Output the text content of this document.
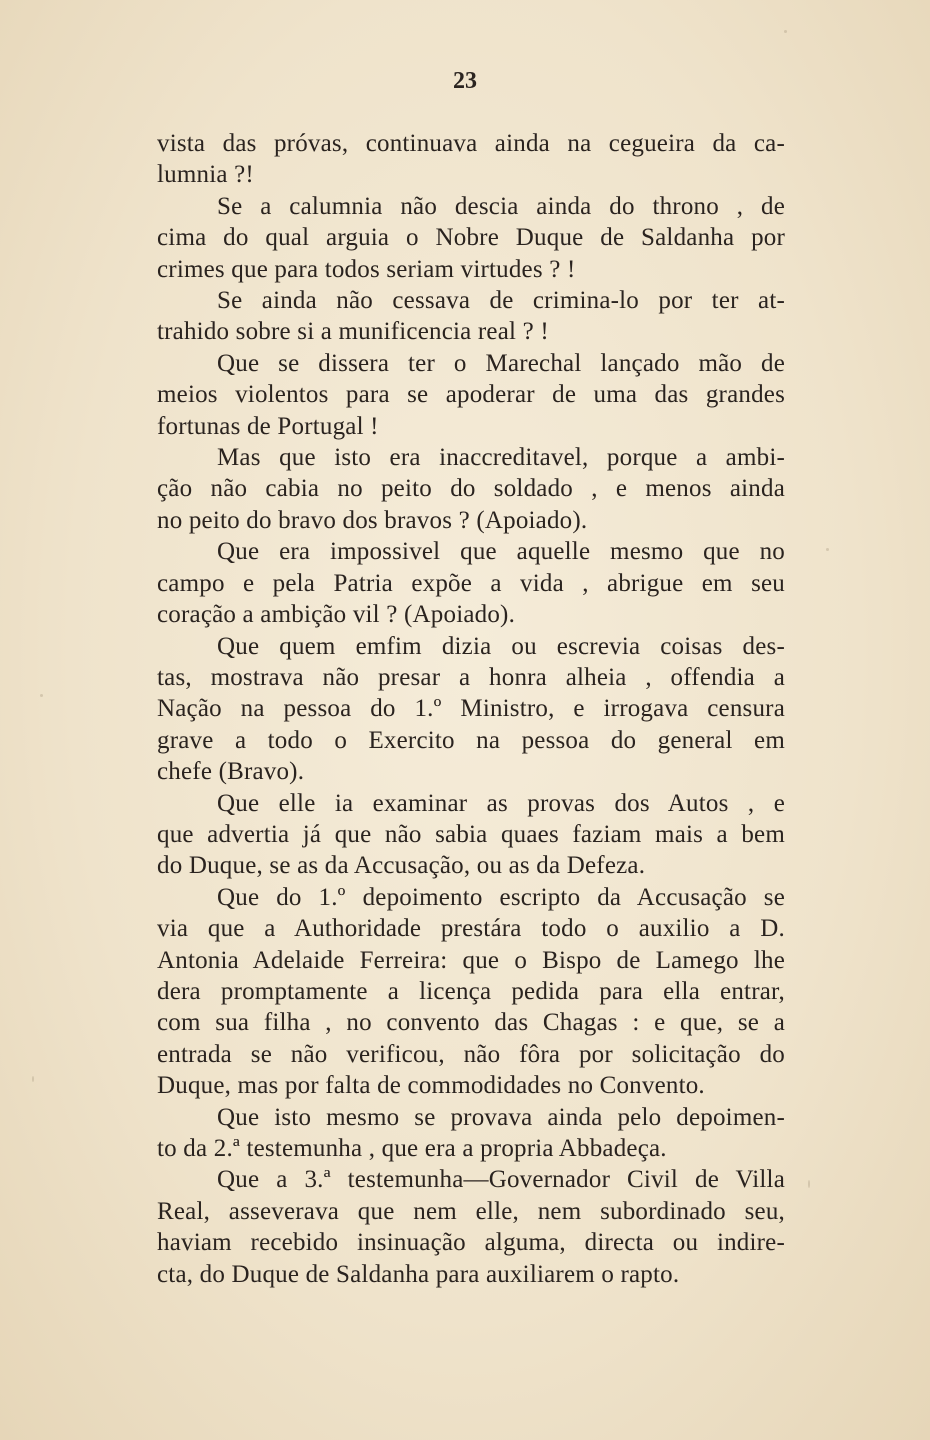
23
vista das próvas, continuava ainda na cegueira da ca-
lumnia ?!
Se a calumnia não descia ainda do throno , de
cima do qual arguia o Nobre Duque de Saldanha por
crimes que para todos seriam virtudes ? !
Se ainda não cessava de crimina-lo por ter at-
trahido sobre si a munificencia real ? !
Que se dissera ter o Marechal lançado mão de
meios violentos para se apoderar de uma das grandes
fortunas de Portugal !
Mas que isto era inaccreditavel, porque a ambi-
ção não cabia no peito do soldado , e menos ainda
no peito do bravo dos bravos ? (Apoiado).
Que era impossivel que aquelle mesmo que no
campo e pela Patria expõe a vida , abrigue em seu
coração a ambição vil ? (Apoiado).
Que quem emfim dizia ou escrevia coisas des-
tas, mostrava não presar a honra alheia , offendia a
Nação na pessoa do 1.º Ministro, e irrogava censura
grave a todo o Exercito na pessoa do general em
chefe (Bravo).
Que elle ia examinar as provas dos Autos , e
que advertia já que não sabia quaes faziam mais a bem
do Duque, se as da Accusação, ou as da Defeza.
Que do 1.º depoimento escripto da Accusação se
via que a Authoridade prestára todo o auxilio a D.
Antonia Adelaide Ferreira: que o Bispo de Lamego lhe
dera promptamente a licença pedida para ella entrar,
com sua filha , no convento das Chagas : e que, se a
entrada se não verificou, não fôra por solicitação do
Duque, mas por falta de commodidades no Convento.
Que isto mesmo se provava ainda pelo depoimen-
to da 2.ª testemunha , que era a propria Abbadeça.
Que a 3.ª testemunha—Governador Civil de Villa
Real, asseverava que nem elle, nem subordinado seu,
haviam recebido insinuação alguma, directa ou indire-
cta, do Duque de Saldanha para auxiliarem o rapto.
